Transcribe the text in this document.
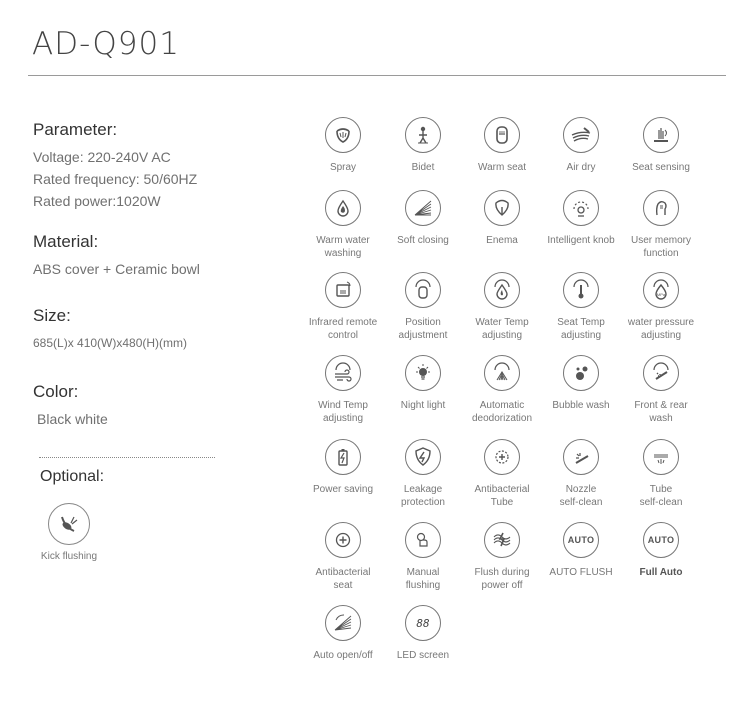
AD-Q901
Parameter:
Voltage: 220-240V AC
Rated frequency: 50/60HZ
Rated power:1020W
Material:
ABS cover + Ceramic bowl
Size:
685(L)x 410(W)x480(H)(mm)
Color:
Black white
Optional:
Kick flushing
Spray	Bidet	Warm seat	Air dry	Seat sensing
Warm water
washing
Soft closing	Enema	Intelligent knob	User memory
function
Infrared remote
control
Position
adjustment
Water Temp
adjusting
Seat Temp
adjusting
MPa
water pressure
adjusting
Wind Temp
adjusting
Night light	Automatic
deodorization
Bubble wash	Front & rear
wash
Power saving	Leakage
protection
Antibacterial
Tube
Nozzle
self-clean
Tube
self-clean
Antibacterial
seat
Manual
flushing
Flush during
power off
AUTO
AUTO FLUSH
AUTO
Full Auto
Auto open/off
88
LED screen
